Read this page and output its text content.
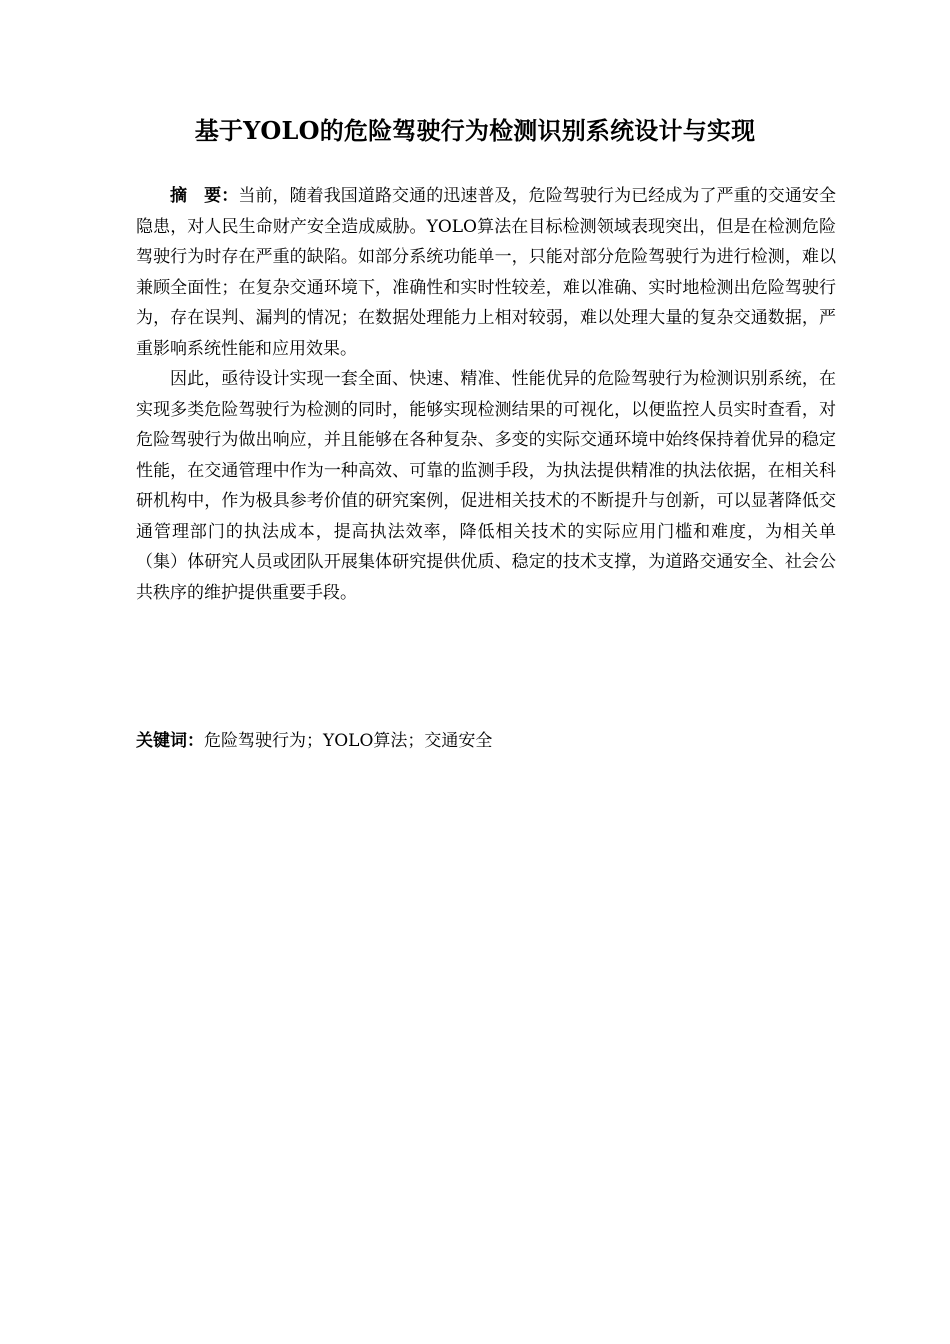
基于YOLO的危险驾驶行为检测识别系统设计与实现

摘　要：当前，随着我国道路交通的迅速普及，危险驾驶行为已经成为了严重的交通安全隐患，对人民生命财产安全造成威胁。YOLO算法在目标检测领域表现突出，但是在检测危险驾驶行为时存在严重的缺陷。如部分系统功能单一，只能对部分危险驾驶行为进行检测，难以兼顾全面性；在复杂交通环境下，准确性和实时性较差，难以准确、实时地检测出危险驾驶行为，存在误判、漏判的情况；在数据处理能力上相对较弱，难以处理大量的复杂交通数据，严重影响系统性能和应用效果。

因此，亟待设计实现一套全面、快速、精准、性能优异的危险驾驶行为检测识别系统，在实现多类危险驾驶行为检测的同时，能够实现检测结果的可视化，以便监控人员实时查看，对危险驾驶行为做出响应，并且能够在各种复杂、多变的实际交通环境中始终保持着优异的稳定性能，在交通管理中作为一种高效、可靠的监测手段，为执法提供精准的执法依据，在相关科研机构中，作为极具参考价值的研究案例，促进相关技术的不断提升与创新，可以显著降低交通管理部门的执法成本，提高执法效率，降低相关技术的实际应用门槛和难度，为相关单（集）体研究人员或团队开展集体研究提供优质、稳定的技术支撑，为道路交通安全、社会公共秩序的维护提供重要手段。

关键词：危险驾驶行为；YOLO算法；交通安全
